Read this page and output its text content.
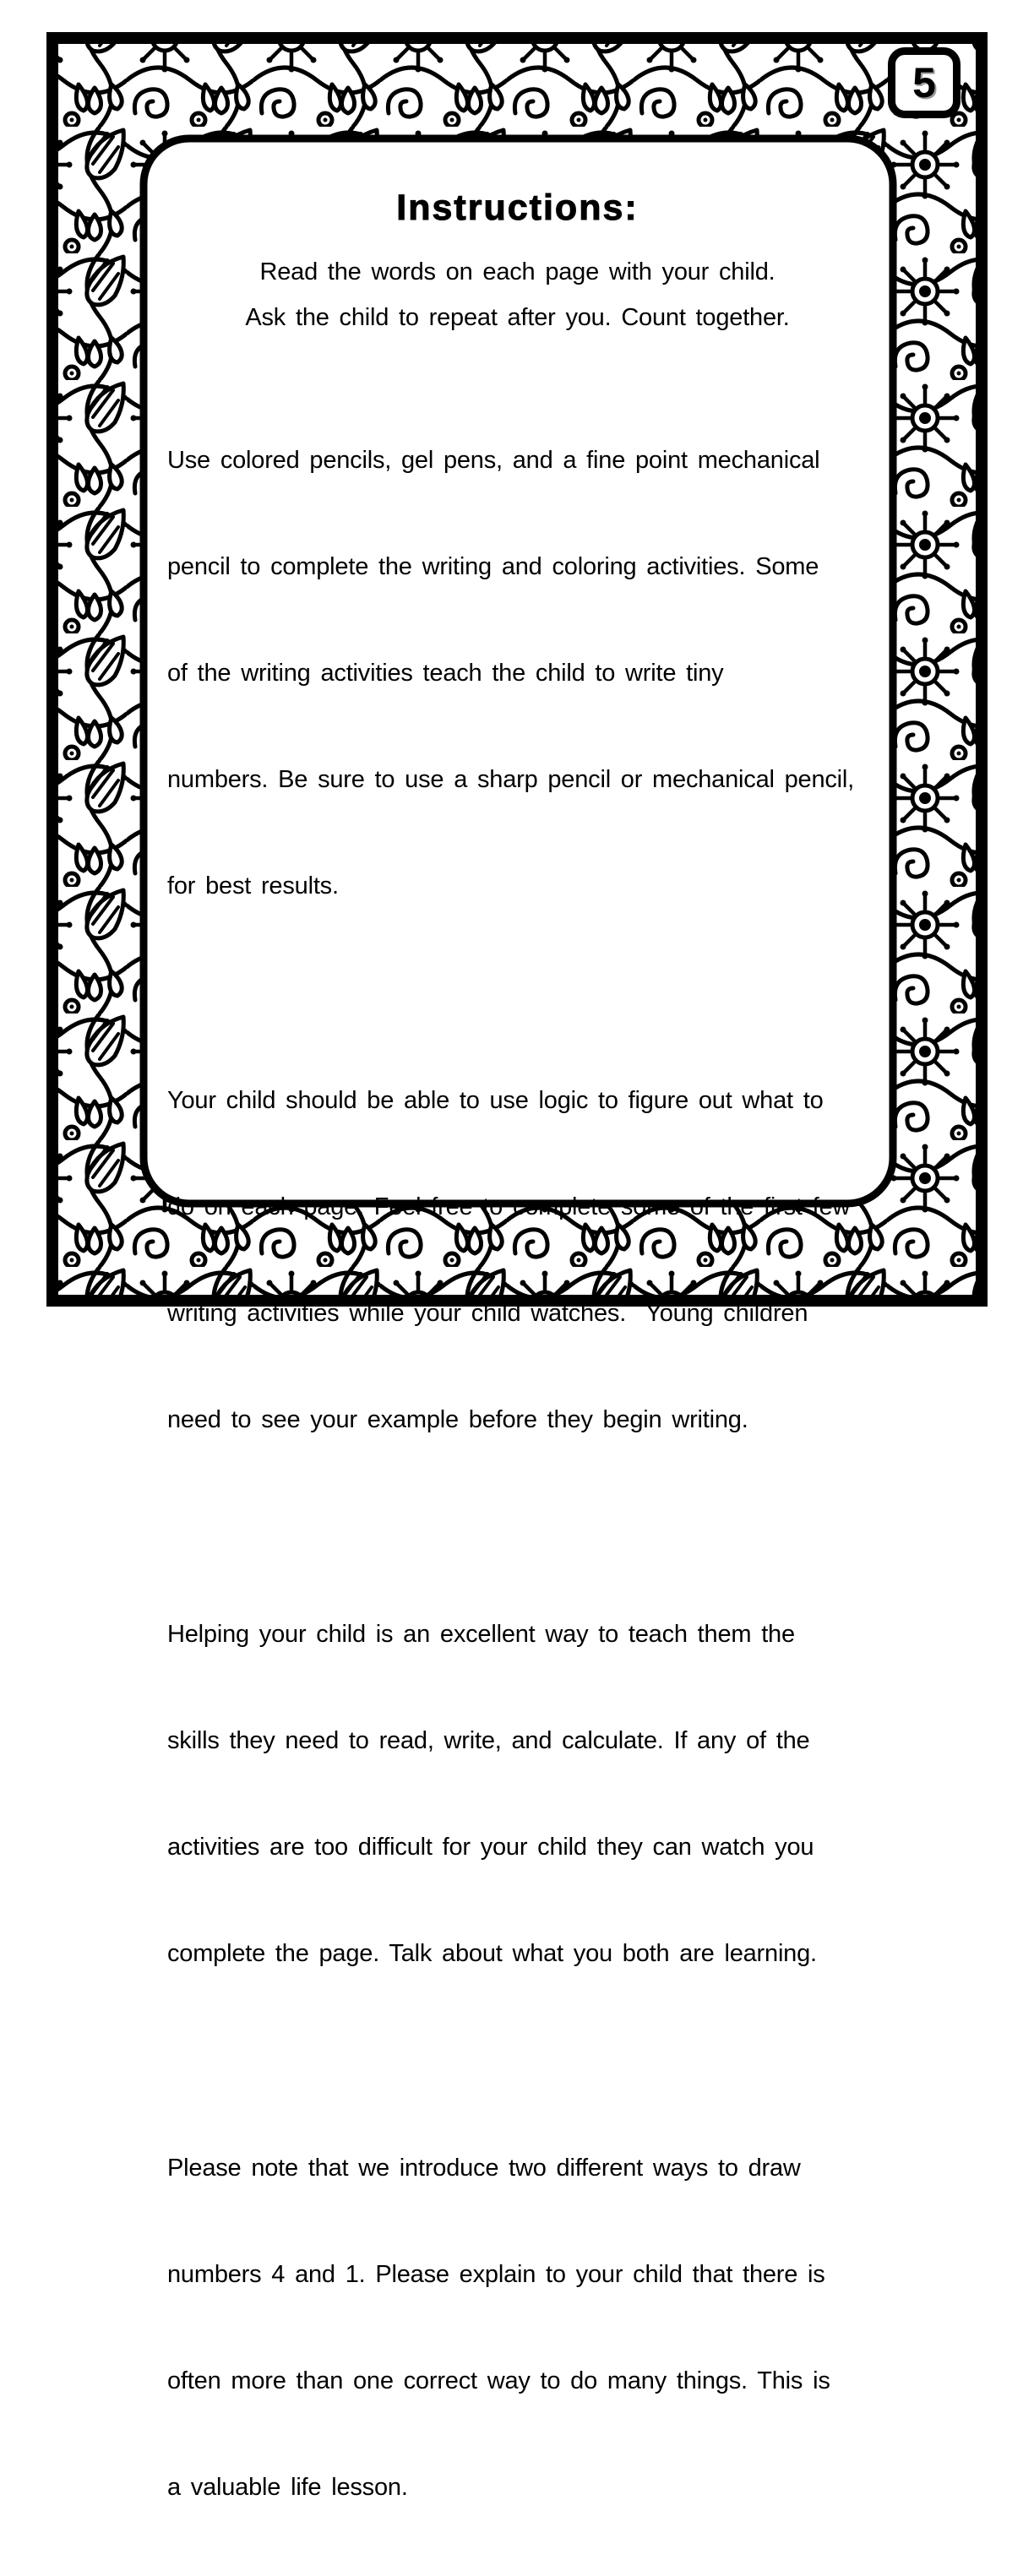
5
Instructions:
Read the words on each page with your child.
Ask the child to repeat after you. Count together.

Use colored pencils, gel pens, and a fine point mechanical

pencil to complete the writing and coloring activities. Some

of the writing activities teach the child to write tiny

numbers. Be sure to use a sharp pencil or mechanical pencil,

for best results.

Your child should be able to use logic to figure out what to

do on each page. Feel free to complete some of the first few

writing activities while your child watches.  Young children

need to see your example before they begin writing.

Helping your child is an excellent way to teach them the

skills they need to read, write, and calculate. If any of the

activities are too difficult for your child they can watch you

complete the page. Talk about what you both are learning.

Please note that we introduce two different ways to draw

numbers 4 and 1. Please explain to your child that there is

often more than one correct way to do many things. This is

a valuable life lesson.
